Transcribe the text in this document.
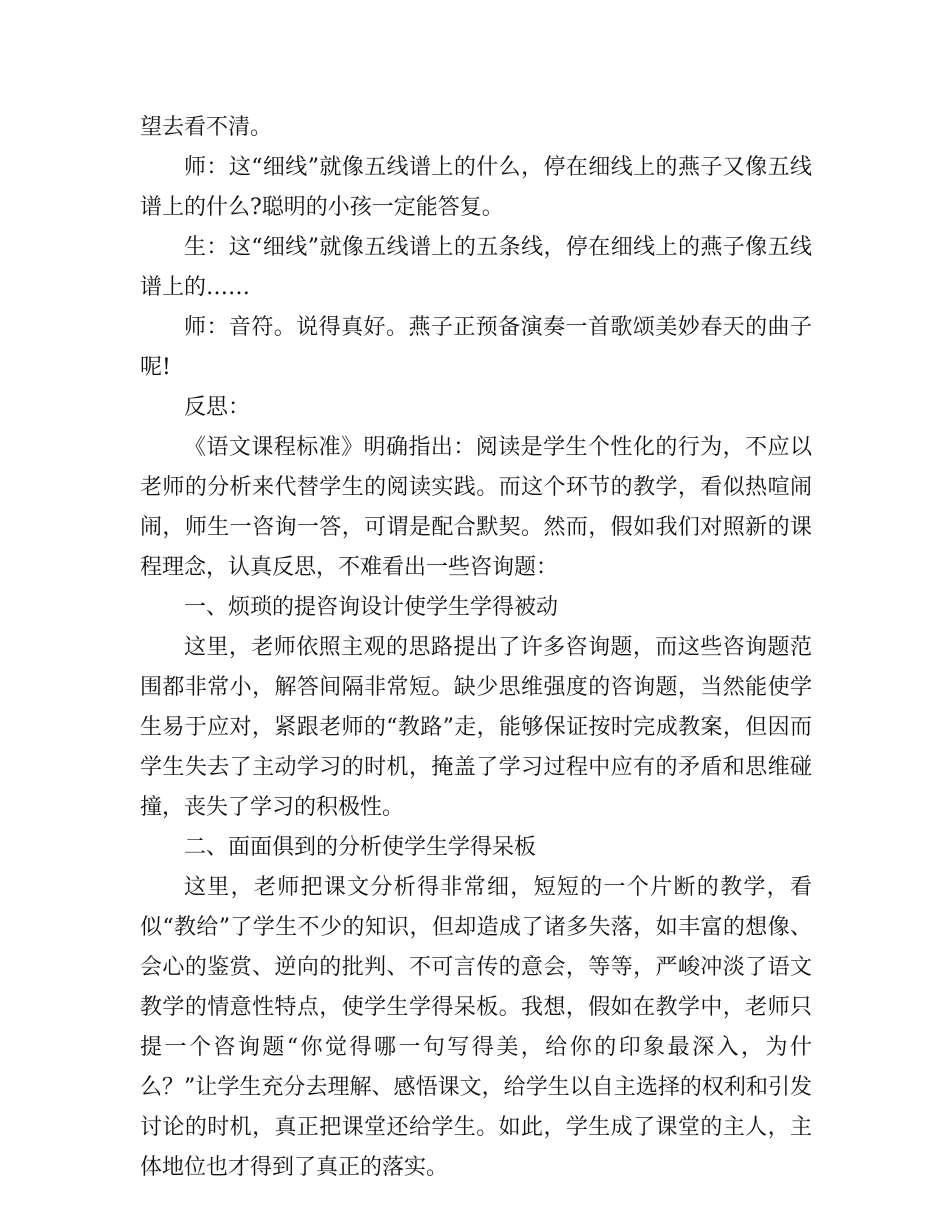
望去看不清。

师：这“细线”就像五线谱上的什么，停在细线上的燕子又像五线谱上的什么?聪明的小孩一定能答复。

生：这“细线”就像五线谱上的五条线，停在细线上的燕子像五线谱上的……

师：音符。说得真好。燕子正预备演奏一首歌颂美妙春天的曲子呢!

反思：

《语文课程标准》明确指出：阅读是学生个性化的行为，不应以老师的分析来代替学生的阅读实践。而这个环节的教学，看似热喧闹闹，师生一咨询一答，可谓是配合默契。然而，假如我们对照新的课程理念，认真反思，不难看出一些咨询题：

一、烦琐的提咨询设计使学生学得被动

这里，老师依照主观的思路提出了许多咨询题，而这些咨询题范围都非常小，解答间隔非常短。缺少思维强度的咨询题，当然能使学生易于应对，紧跟老师的“教路”走，能够保证按时完成教案，但因而学生失去了主动学习的时机，掩盖了学习过程中应有的矛盾和思维碰撞，丧失了学习的积极性。

二、面面俱到的分析使学生学得呆板

这里，老师把课文分析得非常细，短短的一个片断的教学，看似“教给”了学生不少的知识，但却造成了诸多失落，如丰富的想像、会心的鉴赏、逆向的批判、不可言传的意会，等等，严峻冲淡了语文教学的情意性特点，使学生学得呆板。我想，假如在教学中，老师只提一个咨询题“你觉得哪一句写得美，给你的印象最深入，为什么？”让学生充分去理解、感悟课文，给学生以自主选择的权利和引发讨论的时机，真正把课堂还给学生。如此，学生成了课堂的主人，主体地位也才得到了真正的落实。
